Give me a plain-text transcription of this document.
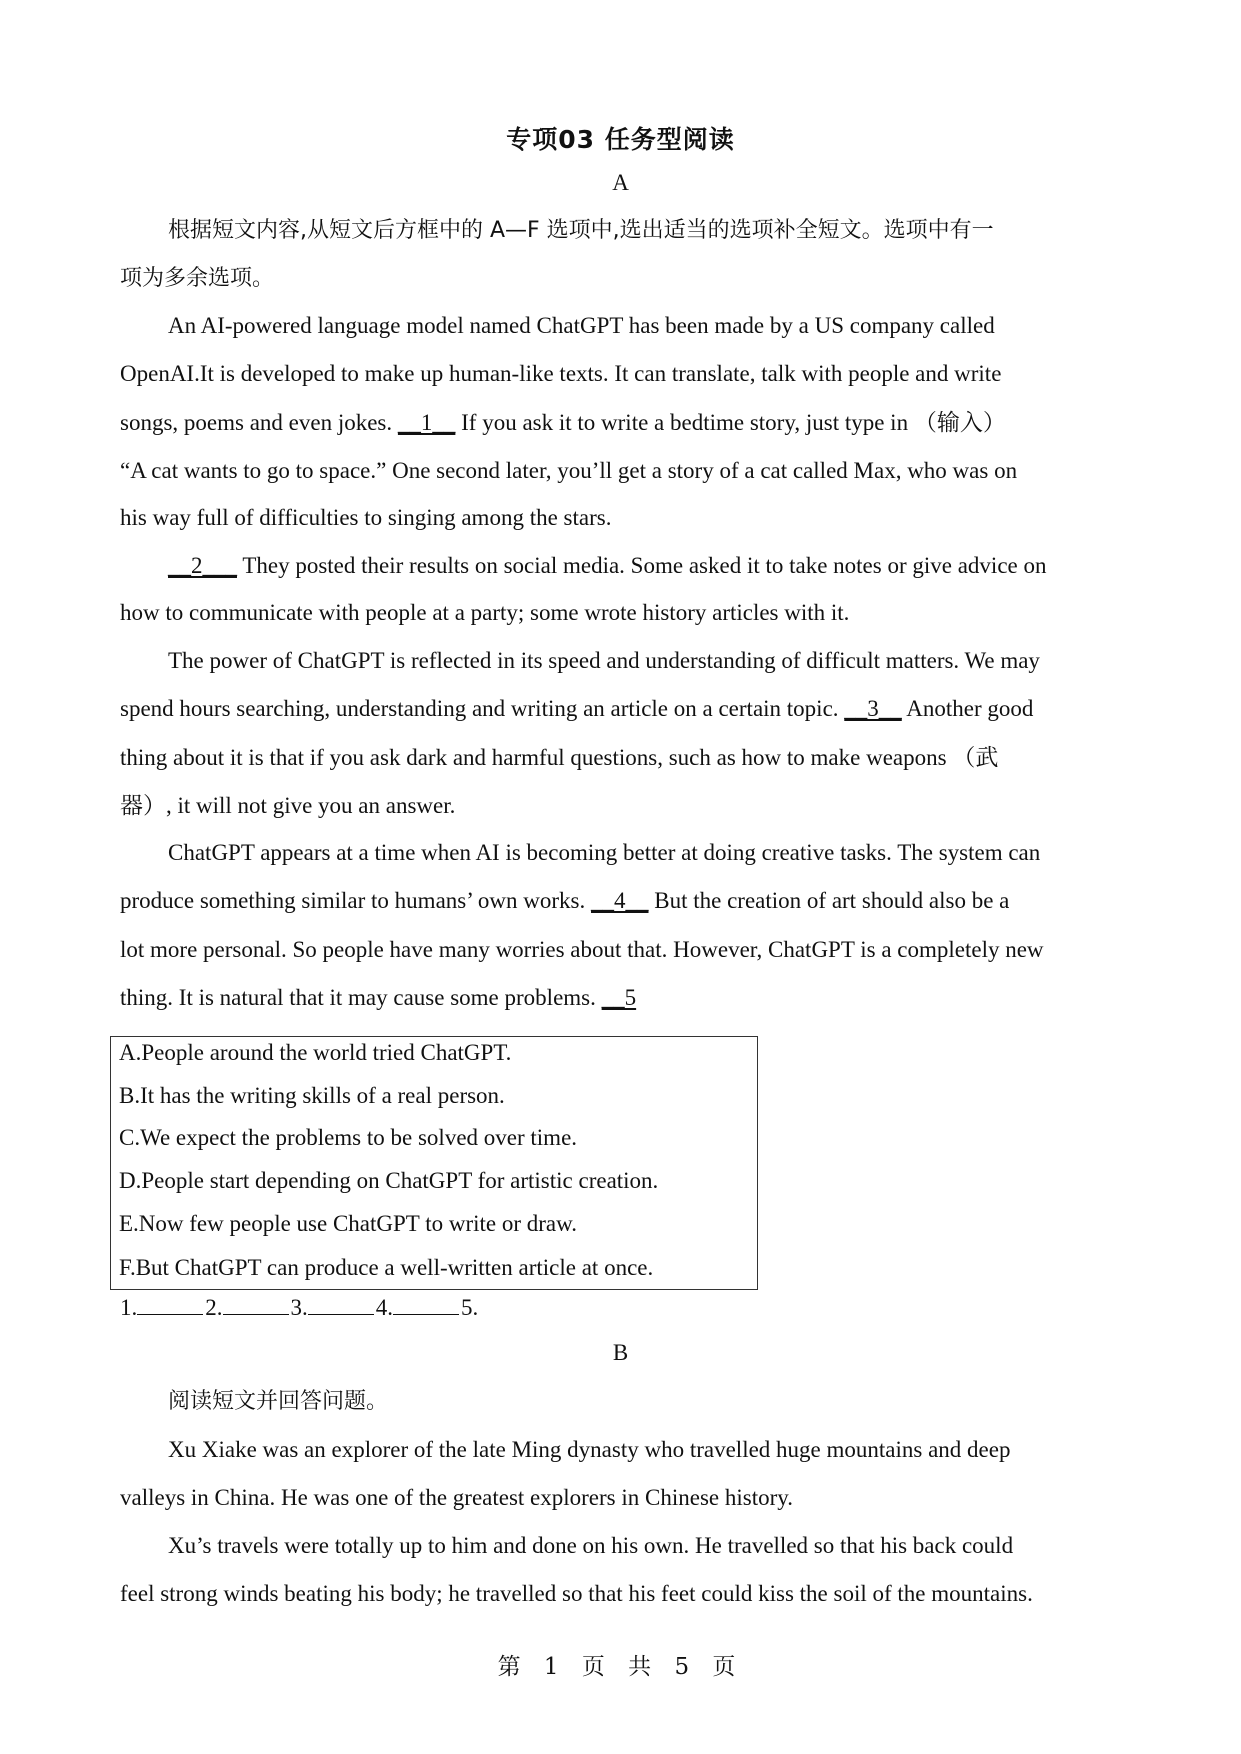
专项03 任务型阅读
A
根据短文内容,从短文后方框中的 A—F 选项中,选出适当的选项补全短文。选项中有一
项为多余选项。
An AI-powered language model named ChatGPT has been made by a US company called
OpenAI.It is developed to make up human-like texts. It can translate, talk with people and write
songs, poems and even jokes. __1__ If you ask it to write a bedtime story, just type in （输入）
“A cat wants to go to space.” One second later, you’ll get a story of a cat called Max, who was on
his way full of difficulties to singing among the stars.
__2___ They posted their results on social media. Some asked it to take notes or give advice on
how to communicate with people at a party; some wrote history articles with it.
The power of ChatGPT is reflected in its speed and understanding of difficult matters. We may
spend hours searching, understanding and writing an article on a certain topic. __3__ Another good
thing about it is that if you ask dark and harmful questions, such as how to make weapons （武
器）, it will not give you an answer.
ChatGPT appears at a time when AI is becoming better at doing creative tasks. The system can
produce something similar to humans’ own works. __4__ But the creation of art should also be a
lot more personal. So people have many worries about that. However, ChatGPT is a completely new
thing. It is natural that it may cause some problems. __5
A.People around the world tried ChatGPT.
B.It has the writing skills of a real person.
C.We expect the problems to be solved over time.
D.People start depending on ChatGPT for artistic creation.
E.Now few people use ChatGPT to write or draw.
F.But ChatGPT can produce a well-written article at once.
1.	2.	3.	4.	5.
B
阅读短文并回答问题。
Xu Xiake was an explorer of the late Ming dynasty who travelled huge mountains and deep
valleys in China. He was one of the greatest explorers in Chinese history.
Xu’s travels were totally up to him and done on his own. He travelled so that his back could
feel strong winds beating his body; he travelled so that his feet could kiss the soil of the mountains.
第 1 页 共 5 页
